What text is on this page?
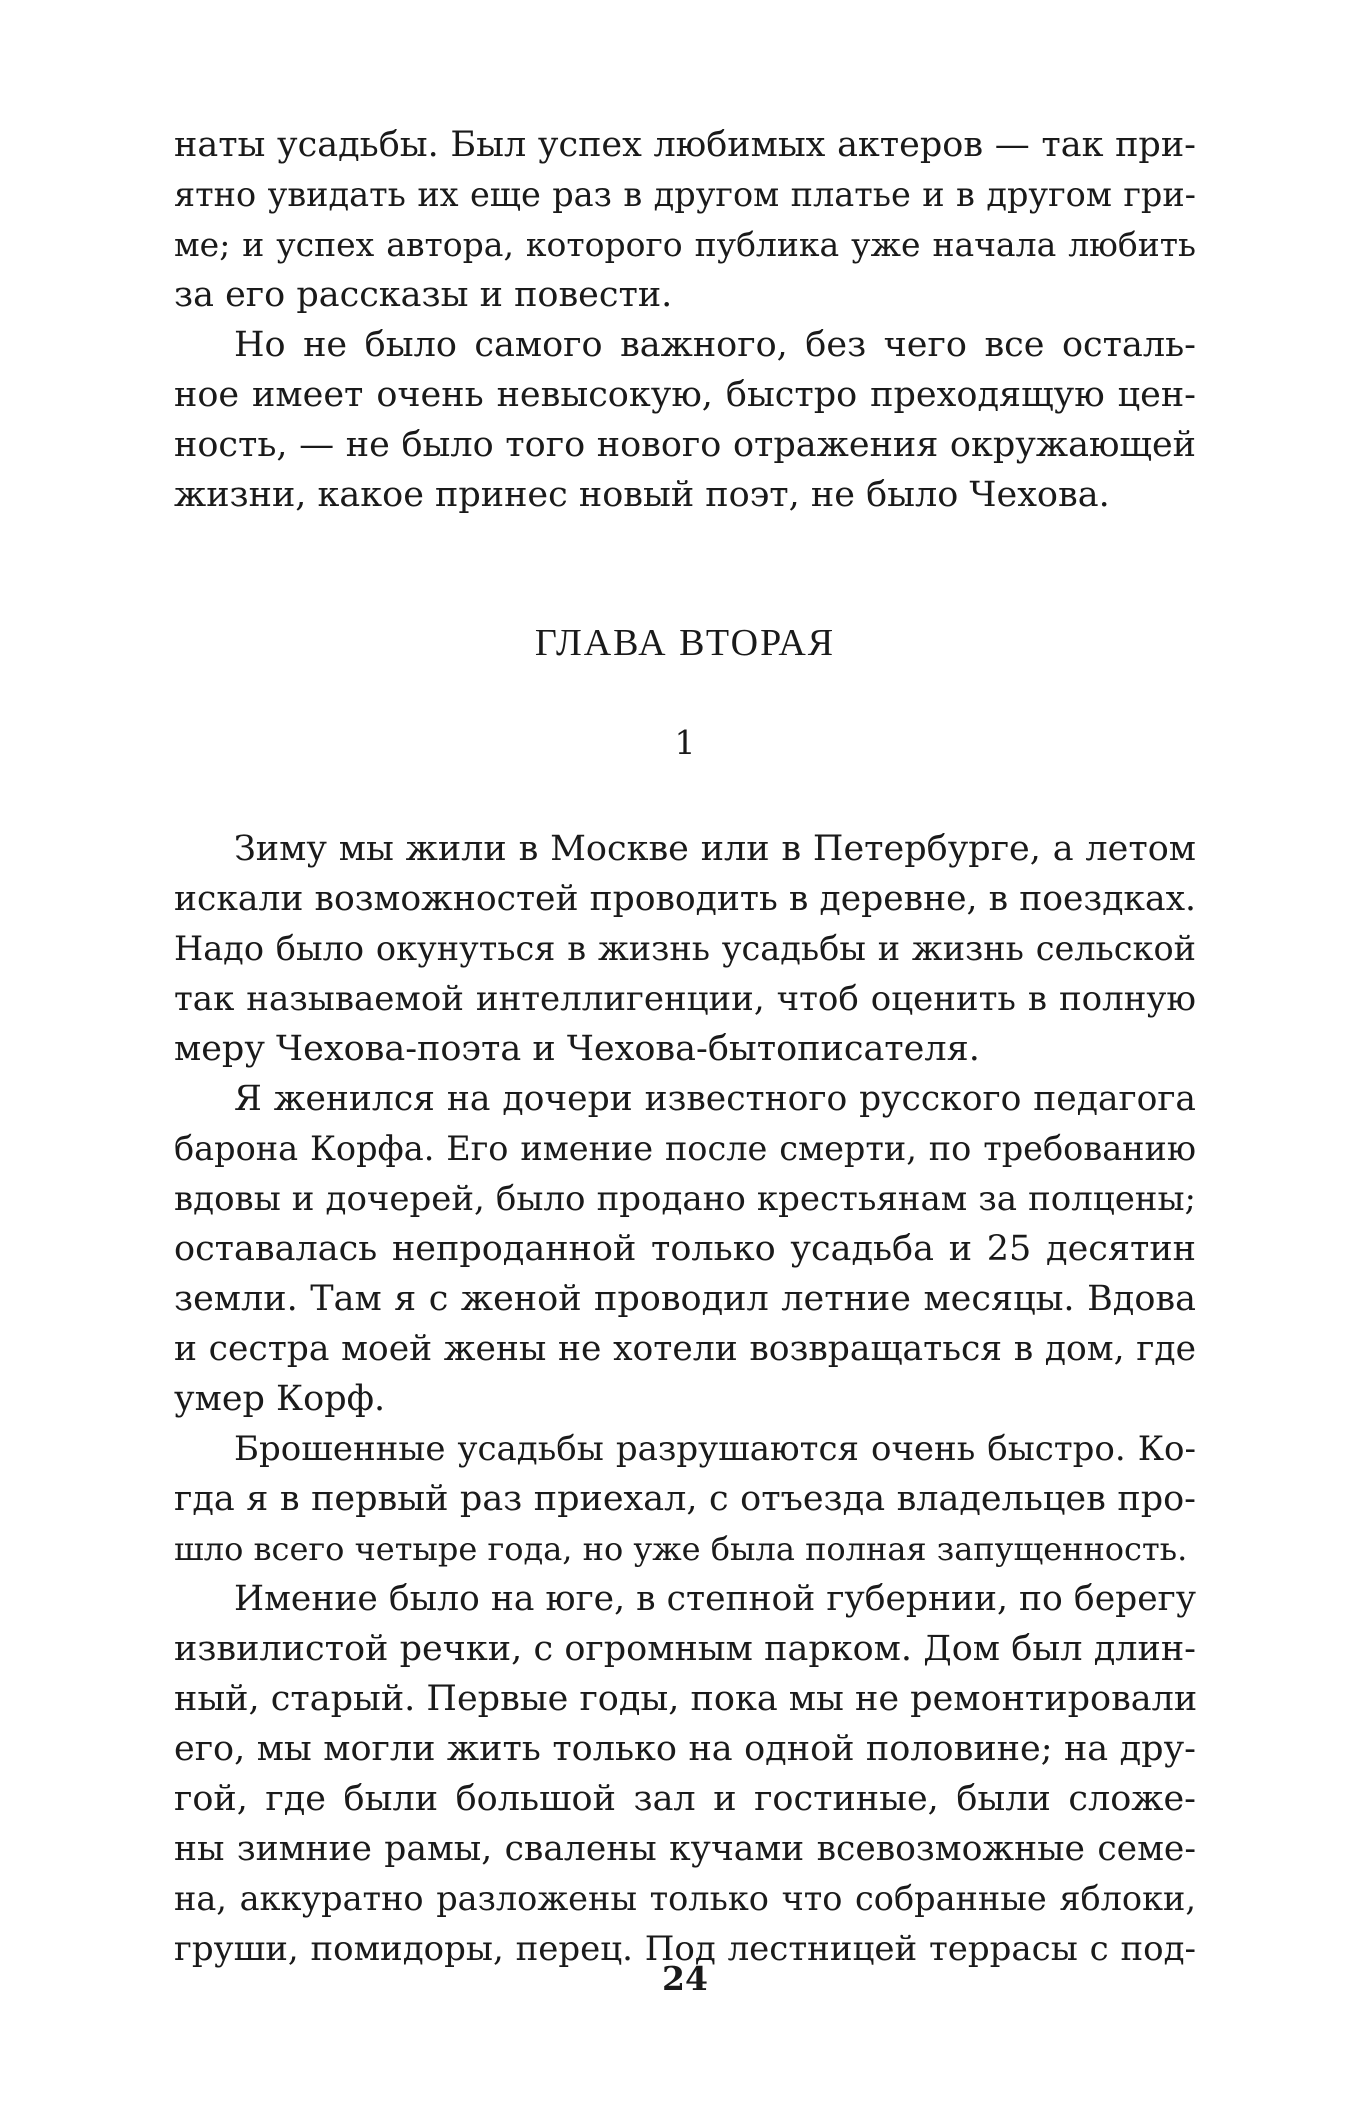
наты усадьбы. Был успех любимых актеров — так при-
ятно увидать их еще раз в другом платье и в другом гри-
ме; и успех автора, которого публика уже начала любить
за его рассказы и повести.
Но не было самого важного, без чего все осталь-
ное имеет очень невысокую, быстро преходящую цен-
ность, — не было того нового отражения окружающей
жизни, какое принес новый поэт, не было Чехова.
ГЛАВА ВТОРАЯ
1
Зиму мы жили в Москве или в Петербурге, а летом
искали возможностей проводить в деревне, в поездках.
Надо было окунуться в жизнь усадьбы и жизнь сельской
так называемой интеллигенции, чтоб оценить в полную
меру Чехова-поэта и Чехова-бытописателя.
Я женился на дочери известного русского педагога
барона Корфа. Его имение после смерти, по требованию
вдовы и дочерей, было продано крестьянам за полцены;
оставалась непроданной только усадьба и 25 десятин
земли. Там я с женой проводил летние месяцы. Вдова
и сестра моей жены не хотели возвращаться в дом, где
умер Корф.
Брошенные усадьбы разрушаются очень быстро. Ко-
гда я в первый раз приехал, с отъезда владельцев про-
шло всего четыре года, но уже была полная запущенность.
Имение было на юге, в степной губернии, по берегу
извилистой речки, с огромным парком. Дом был длин-
ный, старый. Первые годы, пока мы не ремонтировали
его, мы могли жить только на одной половине; на дру-
гой, где были большой зал и гостиные, были сложе-
ны зимние рамы, свалены кучами всевозможные семе-
на, аккуратно разложены только что собранные яблоки,
груши, помидоры, перец. Под лестницей террасы с под-
24
